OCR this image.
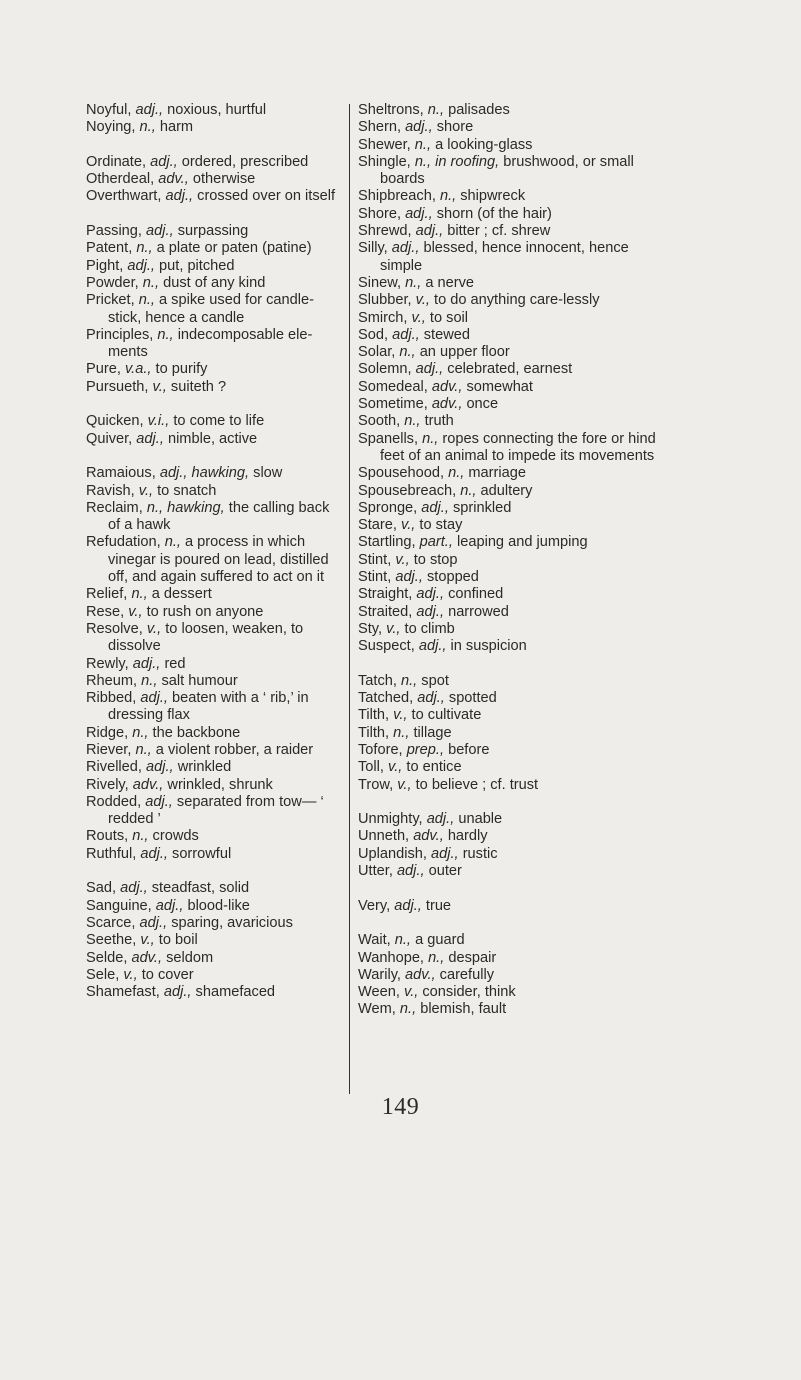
Noyful, adj., noxious, hurtful

Noying, n., harm

Ordinate, adj., ordered, prescribed

Otherdeal, adv., otherwise

Overthwart, adj., crossed over on itself

Passing, adj., surpassing

Patent, n., a plate or paten (patine)

Pight, adj., put, pitched

Powder, n., dust of any kind

Pricket, n., a spike used for candle-stick, hence a candle

Principles, n., indecomposable ele-ments

Pure, v.a., to purify

Pursueth, v., suiteth ?

Quicken, v.i., to come to life

Quiver, adj., nimble, active

Ramaious, adj., hawking, slow

Ravish, v., to snatch

Reclaim, n., hawking, the calling back of a hawk

Refudation, n., a process in which vinegar is poured on lead, distilled off, and again suffered to act on it

Relief, n., a dessert

Rese, v., to rush on anyone

Resolve, v., to loosen, weaken, to dissolve

Rewly, adj., red

Rheum, n., salt humour

Ribbed, adj., beaten with a ‘ rib,’ in dressing flax

Ridge, n., the backbone

Riever, n., a violent robber, a raider

Rivelled, adj., wrinkled

Rively, adv., wrinkled, shrunk

Rodded, adj., separated from tow— ‘ redded ’

Routs, n., crowds

Ruthful, adj., sorrowful

Sad, adj., steadfast, solid

Sanguine, adj., blood-like

Scarce, adj., sparing, avaricious

Seethe, v., to boil

Selde, adv., seldom

Sele, v., to cover

Shamefast, adj., shamefaced

Sheltrons, n., palisades

Shern, adj., shore

Shewer, n., a looking-glass

Shingle, n., in roofing, brushwood, or small boards

Shipbreach, n., shipwreck

Shore, adj., shorn (of the hair)

Shrewd, adj., bitter ; cf. shrew

Silly, adj., blessed, hence innocent, hence simple

Sinew, n., a nerve

Slubber, v., to do anything care-lessly

Smirch, v., to soil

Sod, adj., stewed

Solar, n., an upper floor

Solemn, adj., celebrated, earnest

Somedeal, adv., somewhat

Sometime, adv., once

Sooth, n., truth

Spanells, n., ropes connecting the fore or hind feet of an animal to impede its movements

Spousehood, n., marriage

Spousebreach, n., adultery

Spronge, adj., sprinkled

Stare, v., to stay

Startling, part., leaping and jumping

Stint, v., to stop

Stint, adj., stopped

Straight, adj., confined

Straited, adj., narrowed

Sty, v., to climb

Suspect, adj., in suspicion

Tatch, n., spot

Tatched, adj., spotted

Tilth, v., to cultivate

Tilth, n., tillage

Tofore, prep., before

Toll, v., to entice

Trow, v., to believe ; cf. trust

Unmighty, adj., unable

Unneth, adv., hardly

Uplandish, adj., rustic

Utter, adj., outer

Very, adj., true

Wait, n., a guard

Wanhope, n., despair

Warily, adv., carefully

Ween, v., consider, think

Wem, n., blemish, fault

149
